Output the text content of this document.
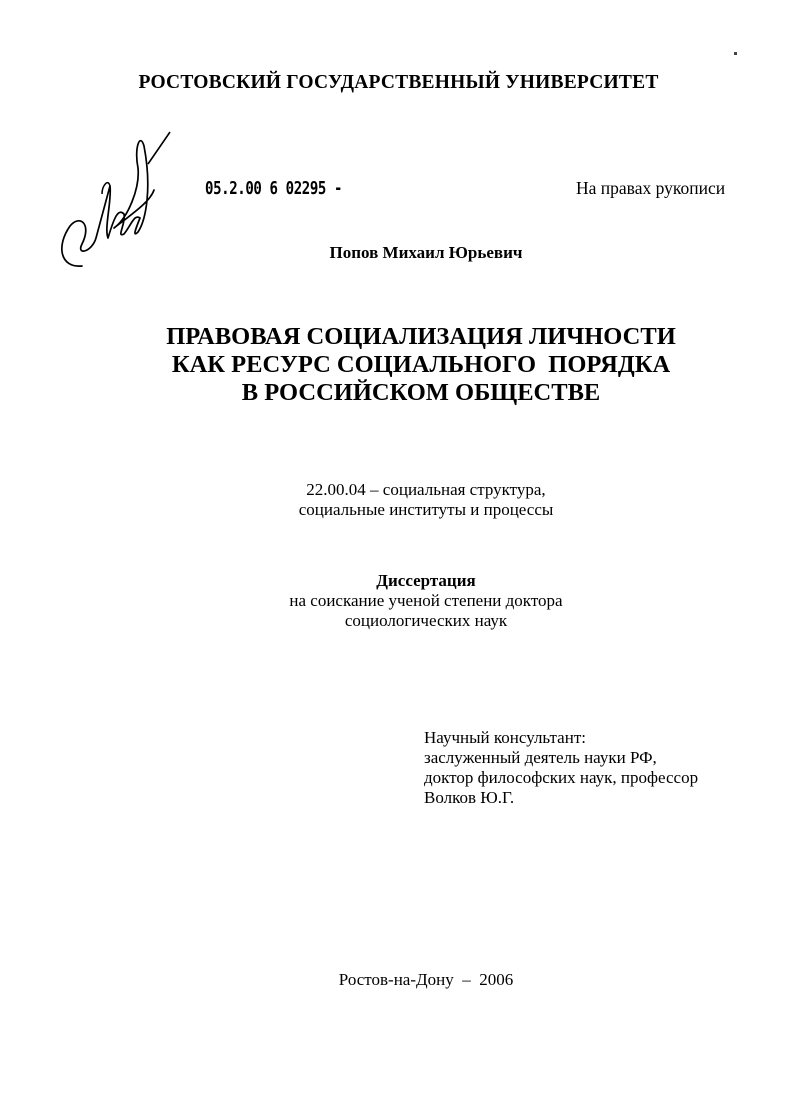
РОСТОВСКИЙ ГОСУДАРСТВЕННЫЙ УНИВЕРСИТЕТ
05.2.00 6 02295 -	На правах рукописи
Попов Михаил Юрьевич
ПРАВОВАЯ СОЦИАЛИЗАЦИЯ ЛИЧНОСТИ
КАК РЕСУРС СОЦИАЛЬНОГО  ПОРЯДКА
В РОССИЙСКОМ ОБЩЕСТВЕ
22.00.04 – социальная структура,
социальные институты и процессы
Диссертация
на соискание ученой степени доктора
социологических наук
Научный консультант:
заслуженный деятель науки РФ,
доктор философских наук, профессор
Волков Ю.Г.
Ростов-на-Дону  –  2006
